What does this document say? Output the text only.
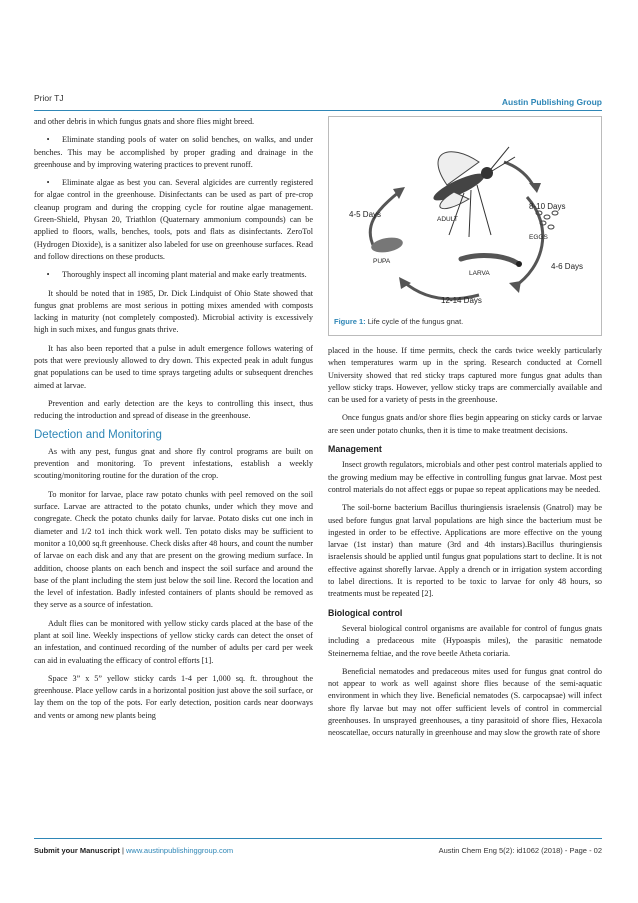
Prior TJ	Austin Publishing Group

and other debris in which fungus gnats and shore flies might breed.

• Eliminate standing pools of water on solid benches, on walks, and under benches. This may be accomplished by proper grading and drainage in the greenhouse and by improving watering practices to prevent runoff.

• Eliminate algae as best you can. Several algicides are currently registered for algae control in the greenhouse. Disinfectants can be used as part of pre-crop cleanup program and during the cropping cycle for routine algae management. Green-Shield, Physan 20, Triathlon (Quaternary ammonium compounds) can be applied to floors, walls, benches, tools, pots and flats as disinfectants. ZeroTol (Hydrogen Dioxide), is a sanitizer also labeled for use on greenhouse surfaces. Read and follow directions on these products.

• Thoroughly inspect all incoming plant material and make early treatments.

It should be noted that in 1985, Dr. Dick Lindquist of Ohio State showed that fungus gnat problems are most serious in potting mixes amended with composts lacking in maturity (not completely composted). Microbial activity is excessively high in such mixes, and fungus gnats thrive.

It has also been reported that a pulse in adult emergence follows watering of pots that were previously allowed to dry down. This expected peak in adult fungus gnat populations can be used to time sprays targeting adults or subsequent drenches aimed at larvae.

Prevention and early detection are the keys to controlling this insect, thus reducing the introduction and spread of disease in the greenhouse.

Detection and Monitoring

As with any pest, fungus gnat and shore fly control programs are built on prevention and monitoring. To prevent infestations, establish a weekly scouting/monitoring routine for the duration of the crop.

To monitor for larvae, place raw potato chunks with peel removed on the soil surface. Larvae are attracted to the potato chunks, under which they move and congregate. Check the potato chunks daily for larvae. Potato disks cut one inch in diameter and 1/2 to1 inch thick work well. Ten potato disks may be sufficient to monitor a 10,000 sq.ft greenhouse. Check disks after 48 hours, and count the number of larvae on each disk and any that are present on the growing medium surface. In addition, choose plants on each bench and inspect the soil surface and around the base of the plant including the stem just below the soil line. Record the location and the level of infestation. Badly infested containers of plants should be removed as they serve as a source of infestation.

Adult flies can be monitored with yellow sticky cards placed at the base of the plant at soil line. Weekly inspections of yellow sticky cards can detect the onset of an infestation, and continued recording of the number of adults per card per week can aid in evaluating the efficacy of control efforts [1].

Space 3” x 5” yellow sticky cards 1-4 per 1,000 sq. ft. throughout the greenhouse. Place yellow cards in a horizontal position just above the soil surface, or lay them on the top of the pots. For early detection, position cards near doorways and vents or among new plants being

ADULT
EGGS
PUPA
LARVA
8-10 Days
4-5 Days
4-6 Days
12-14 Days
Figure 1: Life cycle of the fungus gnat.

placed in the house. If time permits, check the cards twice weekly particularly when temperatures warm up in the spring. Research conducted at Cornell University showed that red sticky traps captured more fungus gnat adults than yellow sticky traps. However, yellow sticky traps are commercially available and can be used for a variety of pests in the greenhouse.

Once fungus gnats and/or shore flies begin appearing on sticky cards or larvae are seen under potato chunks, then it is time to make treatment decisions.

Management

Insect growth regulators, microbials and other pest control materials applied to the growing medium may be effective in controlling fungus gnat larvae. Most pest control materials do not affect eggs or pupae so repeat applications may be needed.

The soil-borne bacterium Bacillus thuringiensis israelensis (Gnatrol) may be used before fungus gnat larval populations are high since the bacterium must be ingested in order to be effective. Applications are more effective on the young larvae (1st instar) than mature (3rd and 4th instars).Bacillus thuringiensis israelensis should be applied until fungus gnat populations start to decline. It is not effective against shorefly larvae. Apply a drench or in irrigation system according to label directions. It is reported to be toxic to larvae for only 48 hours, so treatments must be repeated [2].

Biological control

Several biological control organisms are available for control of fungus gnats including a predaceous mite (Hypoaspis miles), the parasitic nematode Steinernema feltiae, and the rove beetle Atheta coriaria.

Beneficial nematodes and predaceous mites used for fungus gnat control do not appear to work as well against shore flies because of the semi-aquatic environment in which they live. Beneficial nematodes (S. carpocapsae) will infect shore fly larvae but may not offer sufficient levels of control in commercial greenhouses. In unsprayed greenhouses, a tiny parasitoid of shore flies, Hexacola neoscatellae, occurs naturally in greenhouse and may slow the growth rate of shore

Submit your Manuscript | www.austinpublishinggroup.com	Austin Chem Eng 5(2): id1062 (2018) - Page - 02
